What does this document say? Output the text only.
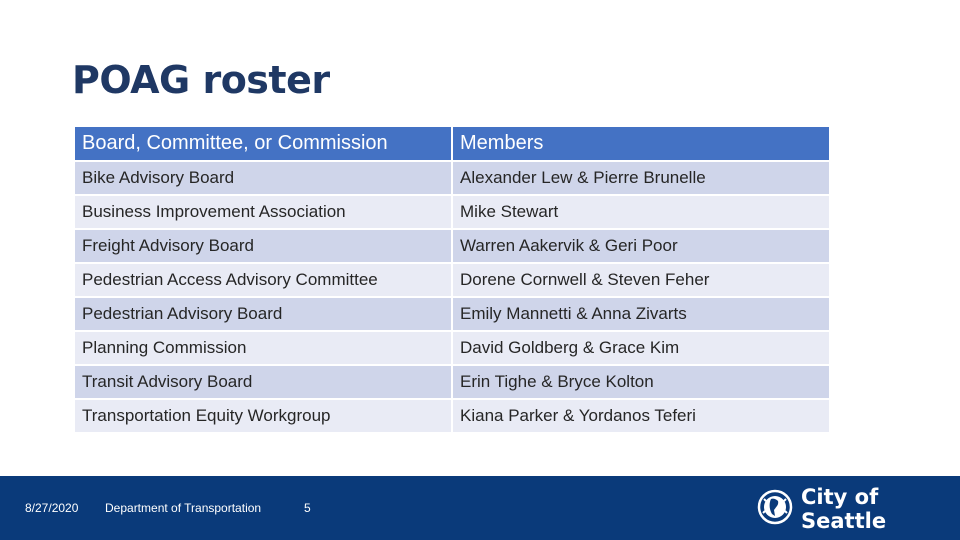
POAG roster
Board, Committee, or Commission	Members
Bike Advisory Board	Alexander Lew & Pierre Brunelle
Business Improvement Association	Mike Stewart
Freight Advisory Board	Warren Aakervik & Geri Poor
Pedestrian Access Advisory Committee	Dorene Cornwell & Steven Feher
Pedestrian Advisory Board	Emily Mannetti & Anna Zivarts
Planning Commission	David Goldberg & Grace Kim
Transit Advisory Board	Erin Tighe & Bryce Kolton
Transportation Equity Workgroup	Kiana Parker & Yordanos Teferi
8/27/2020 Department of Transportation	5	City of Seattle
